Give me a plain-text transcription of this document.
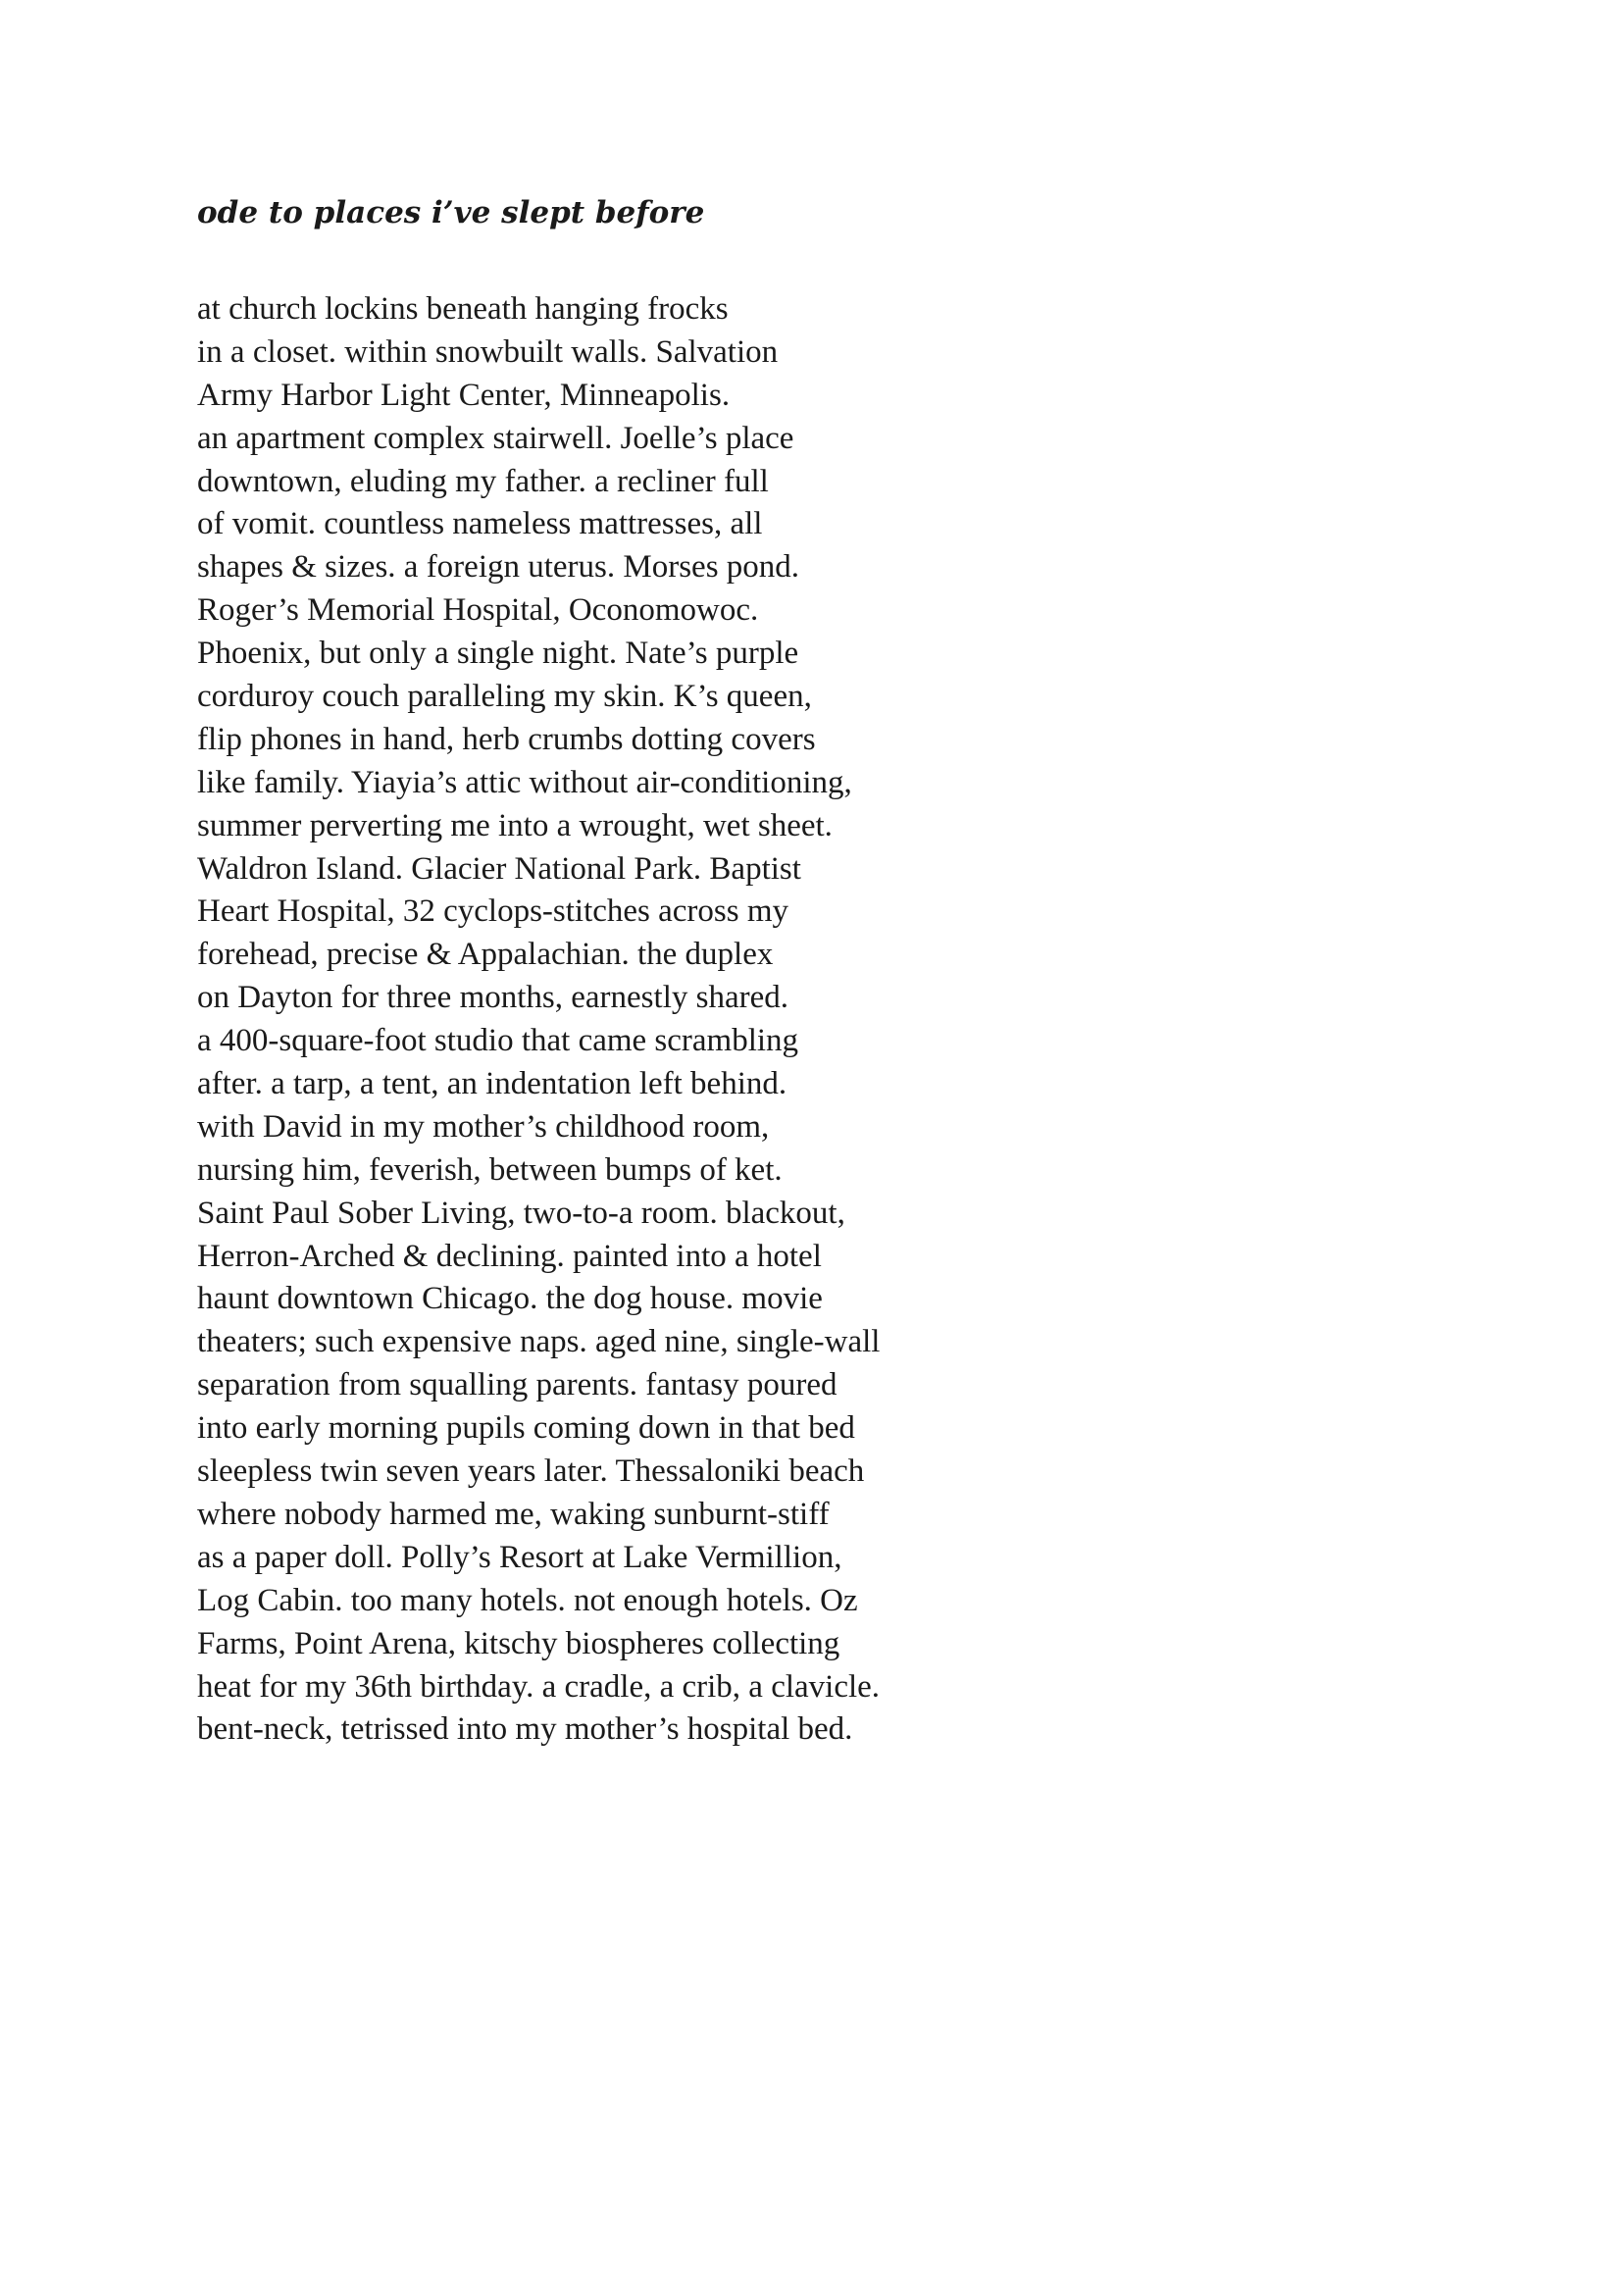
ode to places i’ve slept before
at church lockins beneath hanging frocks
in a closet. within snowbuilt walls. Salvation
Army Harbor Light Center, Minneapolis.
an apartment complex stairwell. Joelle’s place
downtown, eluding my father. a recliner full
of vomit. countless nameless mattresses, all
shapes & sizes. a foreign uterus. Morses pond.
Roger’s Memorial Hospital, Oconomowoc.
Phoenix, but only a single night. Nate’s purple
corduroy couch paralleling my skin. K’s queen,
flip phones in hand, herb crumbs dotting covers
like family. Yiayia’s attic without air-conditioning,
summer perverting me into a wrought, wet sheet.
Waldron Island. Glacier National Park. Baptist
Heart Hospital, 32 cyclops-stitches across my
forehead, precise & Appalachian. the duplex
on Dayton for three months, earnestly shared.
a 400-square-foot studio that came scrambling
after. a tarp, a tent, an indentation left behind.
with David in my mother’s childhood room,
nursing him, feverish, between bumps of ket.
Saint Paul Sober Living, two-to-a room. blackout,
Herron-Arched & declining. painted into a hotel
haunt downtown Chicago. the dog house. movie
theaters; such expensive naps. aged nine, single-wall
separation from squalling parents. fantasy poured
into early morning pupils coming down in that bed
sleepless twin seven years later. Thessaloniki beach
where nobody harmed me, waking sunburnt-stiff
as a paper doll. Polly’s Resort at Lake Vermillion,
Log Cabin. too many hotels. not enough hotels. Oz
Farms, Point Arena, kitschy biospheres collecting
heat for my 36th birthday. a cradle, a crib, a clavicle.
bent-neck, tetrissed into my mother’s hospital bed.
